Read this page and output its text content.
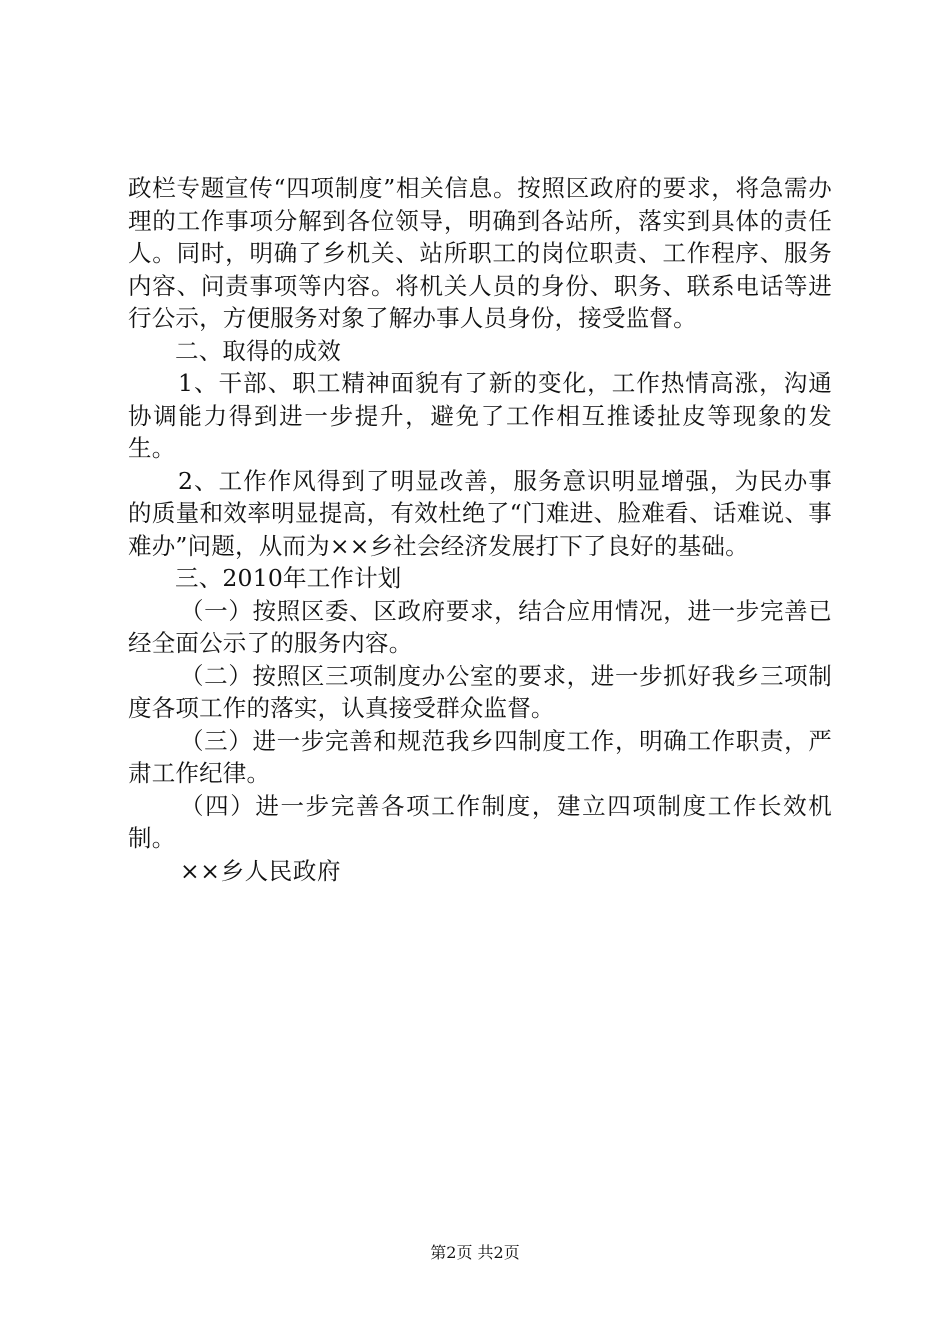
政栏专题宣传“四项制度”相关信息。按照区政府的要求，将急需办理的工作事项分解到各位领导，明确到各站所，落实到具体的责任人。同时，明确了乡机关、站所职工的岗位职责、工作程序、服务内容、问责事项等内容。将机关人员的身份、职务、联系电话等进行公示，方便服务对象了解办事人员身份，接受监督。

二、取得的成效

1、干部、职工精神面貌有了新的变化，工作热情高涨，沟通协调能力得到进一步提升，避免了工作相互推诿扯皮等现象的发生。

2、工作作风得到了明显改善，服务意识明显增强，为民办事的质量和效率明显提高，有效杜绝了“门难进、脸难看、话难说、事难办”问题，从而为××乡社会经济发展打下了良好的基础。

三、2010年工作计划

（一）按照区委、区政府要求，结合应用情况，进一步完善已经全面公示了的服务内容。

（二）按照区三项制度办公室的要求，进一步抓好我乡三项制度各项工作的落实，认真接受群众监督。

（三）进一步完善和规范我乡四制度工作，明确工作职责，严肃工作纪律。

（四）进一步完善各项工作制度，建立四项制度工作长效机制。

××乡人民政府

第2页 共2页
